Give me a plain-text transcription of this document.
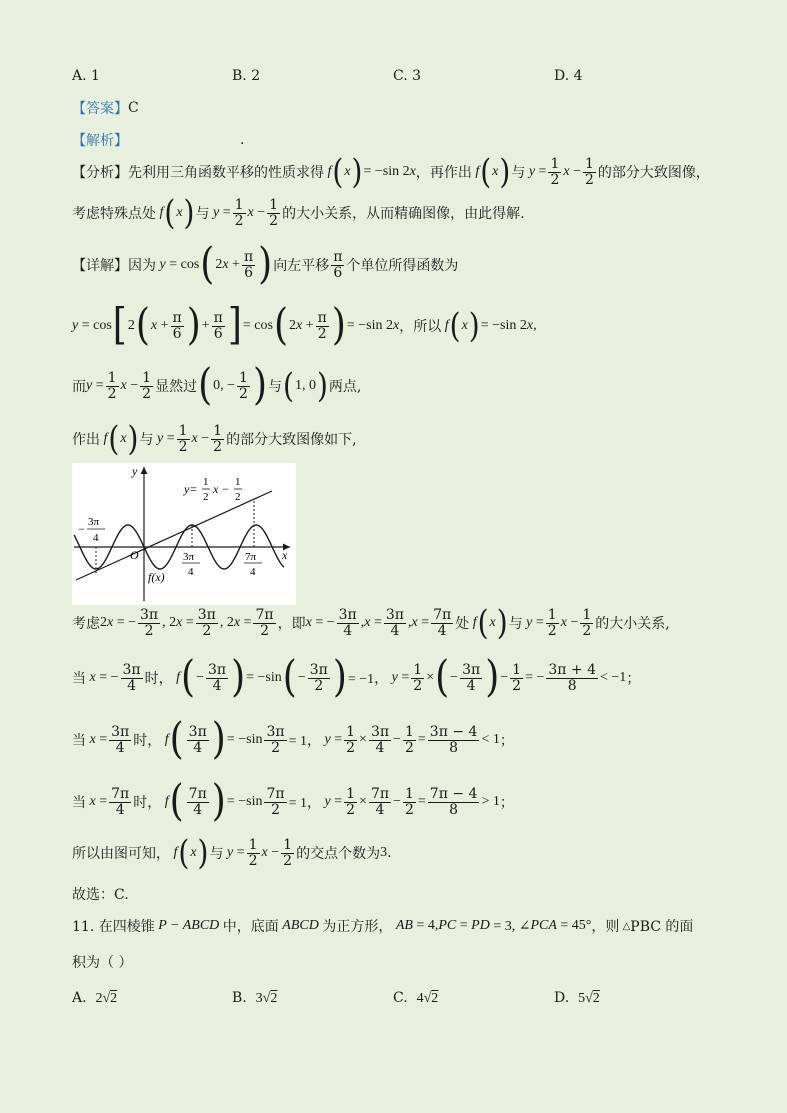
A. 1	B. 2	C. 3	D. 4
【答案】 C
【解析】	.
【分析】 先利用三角函数平移的性质求得 f ( x ) = −sin 2 x ，再作出 f ( x ) 与 $y = \frac{1}{2}$ $x - \frac{1}{2}$ 的部分大致图像，
考虑特殊点处 f ( x ) 与 $y = \frac{1}{2}$ $x - \frac{1}{2}$ 的大小关系，从而精确图像，由此得解.
【详解】 因为 y = cos ( 2 $x + \frac{\pi}{6}$ ) 向左平移
π
6 个单位所得函数为
y = cos [ 2 ( $x + \frac{\pi}{6}$ ) + $\frac{\pi}{6}$ ] = cos ( 2 $x + \frac{\pi}{2}$ ) = −sin 2 x ，所以 f ( x ) = −sin 2 x ,
而 $y = \frac{1}{2}$ $x - \frac{1}{2}$ 显然过 ( 0, − $\frac{1}{2}$ ) 与 ( 1, 0 ) 两点,
作出 f ( x ) 与 $y = \frac{1}{2}$ $x - \frac{1}{2}$ 的部分大致图像如下,
y
x
O
f(x)
− 3π
4
3π
4
7π
4
y= 1
2
x − 1
2
考虑 2 x = − $\frac{3\pi}{2}$ , 2 $x = \frac{3\pi}{2}$ , 2 $x = \frac{7\pi}{2}$ ，即 x = − $\frac{3\pi}{4}$ , $x = \frac{3\pi}{4}$ , $x = \frac{7\pi}{4}$ 处 f ( x ) 与 $y = \frac{1}{2}$ $x - \frac{1}{2}$ 的大小关系,
当 x = − $\frac{3\pi}{4}$ 时， f ( − $\frac{3\pi}{4}$ ) = −sin ( − $\frac{3\pi}{2}$ ) = −1， $y = \frac{1}{2}$ × ( − $\frac{3\pi}{4}$ ) − $\frac{1}{2}$ = − $\frac{3\pi + 4}{8} < -1$ ；
当 $x = \frac{3\pi}{4}$ 时， f ( 3π
4 ) = $-\sin \frac{3\pi}{2} = 1$， $y = \frac{1}{2} \times \frac{3\pi}{4} - \frac{1}{2} = \frac{3\pi - 4}{8} < 1$ ；
当 $x = \frac{7\pi}{4}$ 时， f ( 7π
4 ) = $-\sin \frac{7\pi}{2} = 1$， $y = \frac{1}{2} \times \frac{7\pi}{4} - \frac{1}{2} = \frac{7\pi - 4}{8} > 1$ ；
所以由图可知， f ( x ) 与 $y = \frac{1}{2}$ $x - \frac{1}{2}$ 的交点个数为 3 .
故选：C.
11. 在四棱锥 P − ABCD 中，底面 ABCD 为正方形， AB = 4, PC = PD = 3, ∠ PCA = 45° ，则 △ PBC 的面
积为（ ）
A. 2√2	B. 3√2	C. 4√2	D. 5√2
